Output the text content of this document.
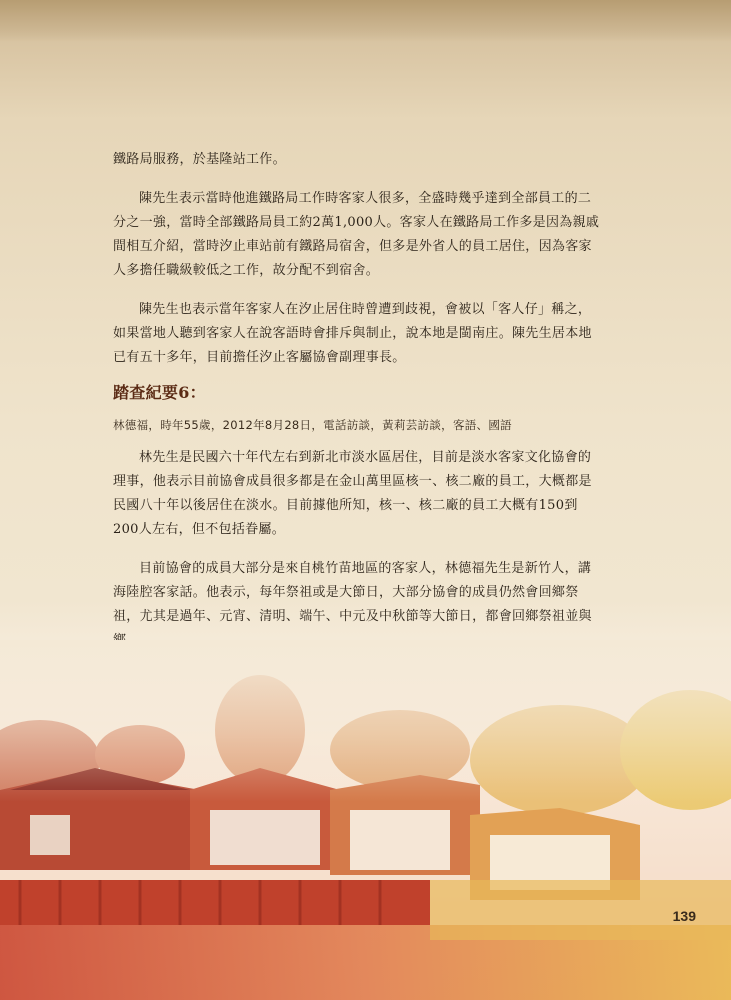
鐵路局服務，於基隆站工作。

陳先生表示當時他進鐵路局工作時客家人很多，全盛時幾乎達到全部員工的二分之一強，當時全部鐵路局員工約2萬1,000人。客家人在鐵路局工作多是因為親戚間相互介紹，當時汐止車站前有鐵路局宿舍，但多是外省人的員工居住，因為客家人多擔任職級較低之工作，故分配不到宿舍。

陳先生也表示當年客家人在汐止居住時曾遭到歧視，會被以「客人仔」稱之，如果當地人聽到客家人在說客語時會排斥與制止，說本地是閩南庄。陳先生居本地已有五十多年，目前擔任汐止客屬協會副理事長。

踏查紀要6：
林德福，時年55歲，2012年8月28日，電話訪談，黃莉芸訪談，客語、國語

林先生是民國六十年代左右到新北市淡水區居住，目前是淡水客家文化協會的理事，他表示目前協會成員很多都是在金山萬里區核一、核二廠的員工，大概都是民國八十年以後居住在淡水。目前據他所知，核一、核二廠的員工大概有150到200人左右，但不包括眷屬。

目前協會的成員大部分是來自桃竹苗地區的客家人，林德福先生是新竹人，講海陸腔客家話。他表示，每年祭祖或是大節日，大部分協會的成員仍然會回鄉祭祖，尤其是過年、元宵、清明、端午、中元及中秋節等大節日，都會回鄉祭祖並與

139
